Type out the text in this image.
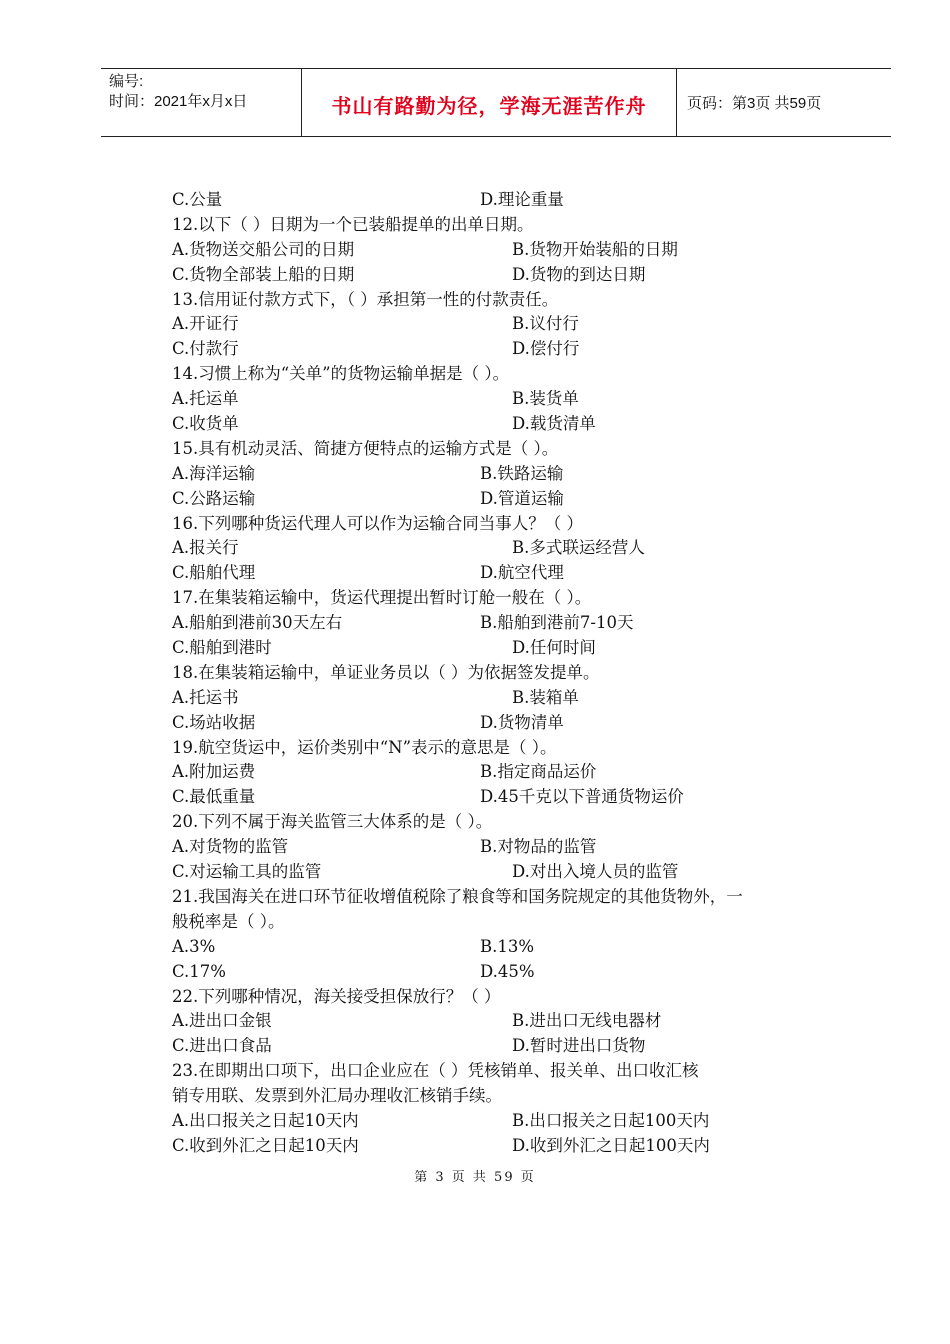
编号:
时间：2021年x月x日	书山有路勤为径，学海无涯苦作舟	页码：第3页 共59页
C.公量	D.理论重量
12.以下（ ）日期为一个已装船提单的出单日期。
A.货物送交船公司的日期	B.货物开始装船的日期
C.货物全部装上船的日期	D.货物的到达日期
13.信用证付款方式下，（ ）承担第一性的付款责任。
A.开证行	B.议付行
C.付款行	D.偿付行
14.习惯上称为“关单”的货物运输单据是（ ）。
A.托运单	B.装货单
C.收货单	D.载货清单
15.具有机动灵活、简捷方便特点的运输方式是（ ）。
A.海洋运输	B.铁路运输
C.公路运输	D.管道运输
16.下列哪种货运代理人可以作为运输合同当事人？（ ）
A.报关行	B.多式联运经营人
C.船舶代理	D.航空代理
17.在集装箱运输中，货运代理提出暂时订舱一般在（ ）。
A.船舶到港前30天左右	B.船舶到港前7-10天
C.船舶到港时	D.任何时间
18.在集装箱运输中，单证业务员以（ ）为依据签发提单。
A.托运书	B.装箱单
C.场站收据	D.货物清单
19.航空货运中，运价类别中“N”表示的意思是（ ）。
A.附加运费	B.指定商品运价
C.最低重量	D.45千克以下普通货物运价
20.下列不属于海关监管三大体系的是（ ）。
A.对货物的监管	B.对物品的监管
C.对运输工具的监管	D.对出入境人员的监管
21.我国海关在进口环节征收增值税除了粮食等和国务院规定的其他货物外，一
般税率是（ ）。
A.3%	B.13%
C.17%	D.45%
22.下列哪种情况，海关接受担保放行？（ ）
A.进出口金银	B.进出口无线电器材
C.进出口食品	D.暂时进出口货物
23.在即期出口项下，出口企业应在（ ）凭核销单、报关单、出口收汇核
销专用联、发票到外汇局办理收汇核销手续。
A.出口报关之日起10天内	B.出口报关之日起100天内
C.收到外汇之日起10天内	D.收到外汇之日起100天内
第 3 页 共 59 页
